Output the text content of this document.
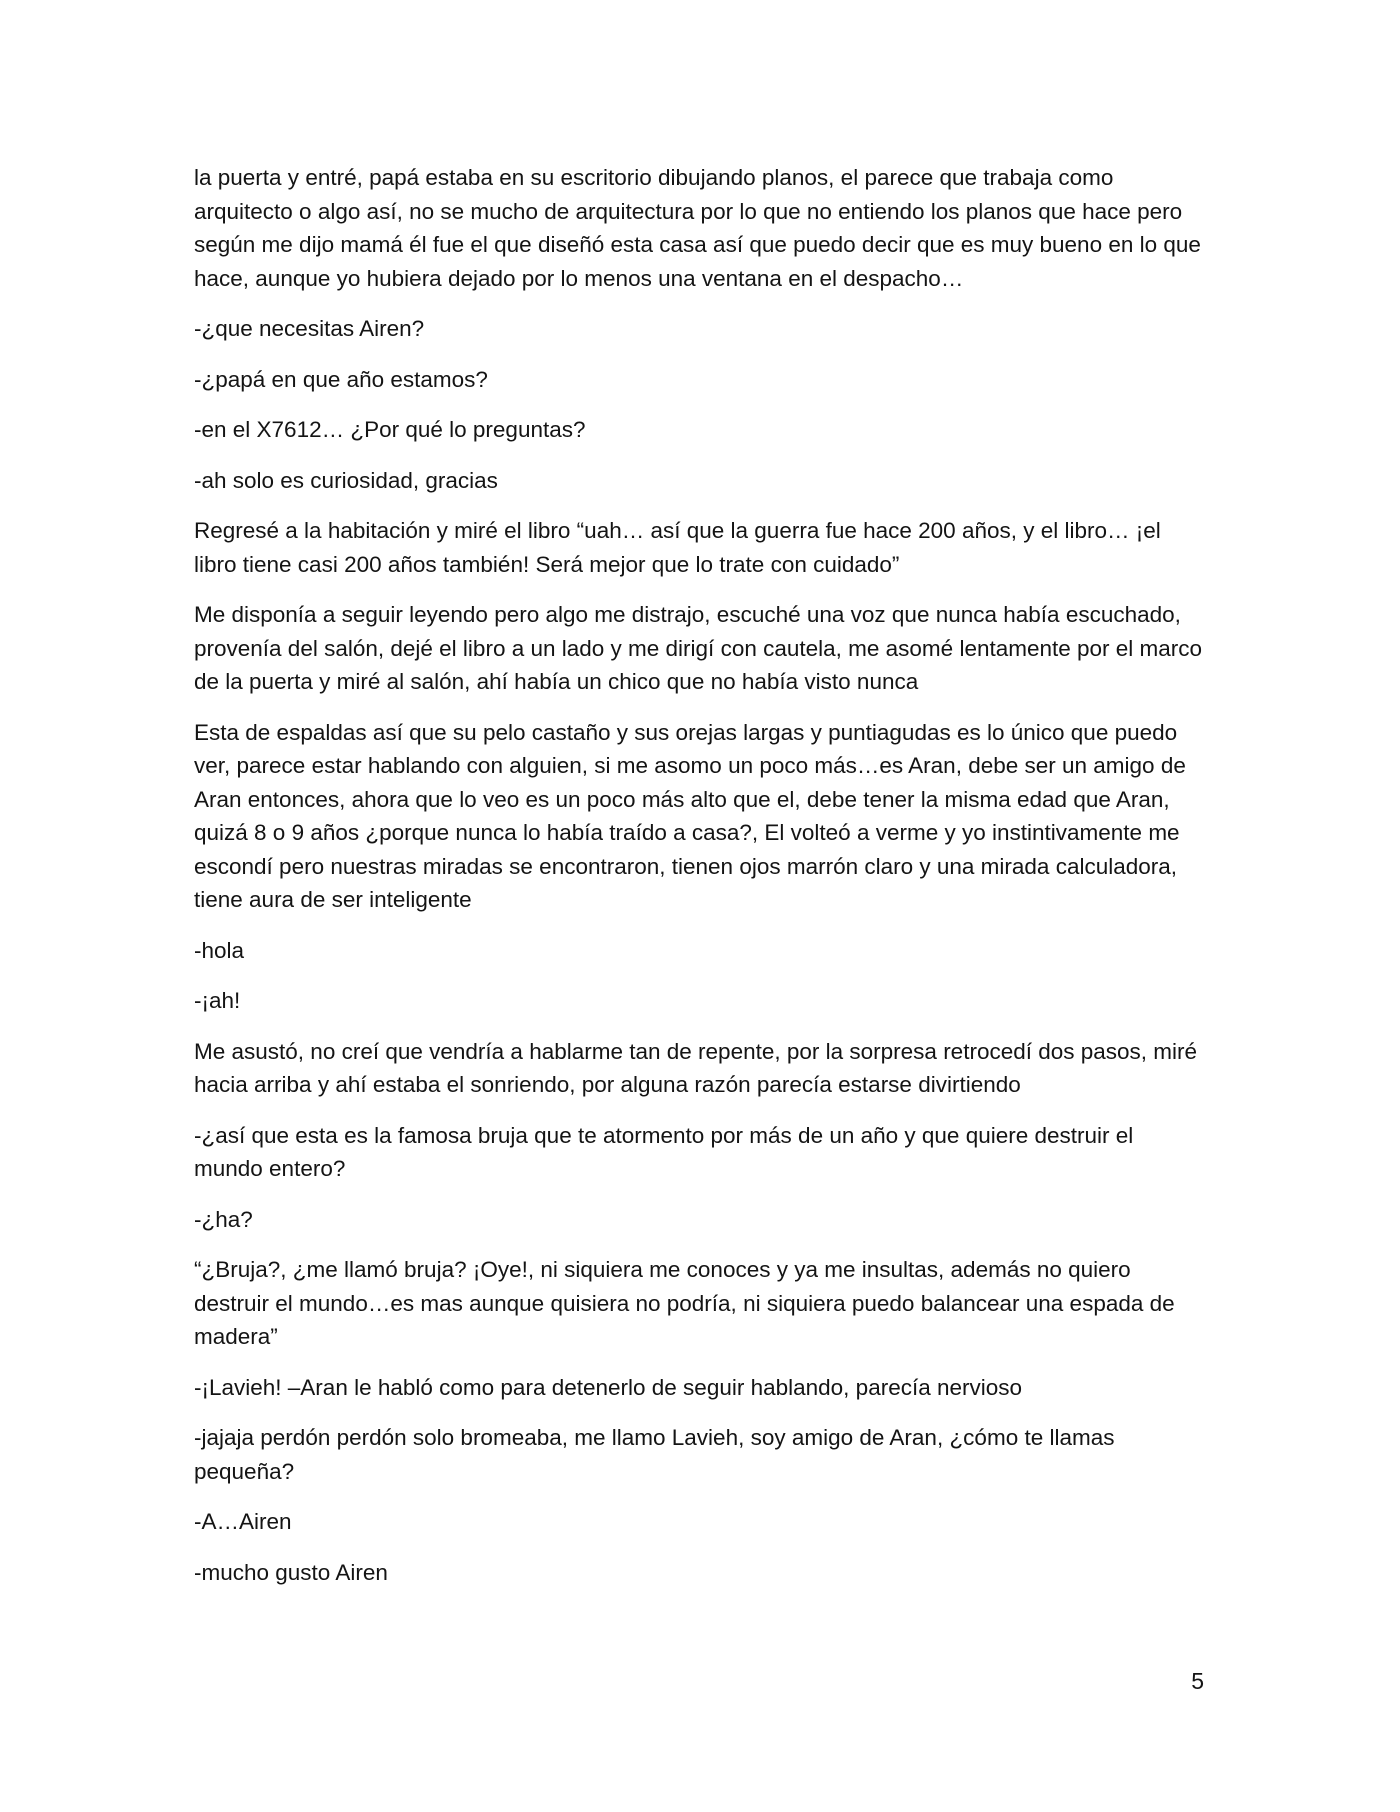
la puerta y entré, papá estaba en su escritorio dibujando planos, el parece que trabaja como arquitecto o algo así, no se mucho de arquitectura por lo que no entiendo los planos que hace pero según me dijo mamá él fue el que diseñó esta casa así que puedo decir que es muy bueno en lo que hace, aunque yo hubiera dejado por lo menos una ventana en el despacho…

-¿que necesitas Airen?

-¿papá en que año estamos?

-en el X7612… ¿Por qué lo preguntas?

-ah solo es curiosidad, gracias

Regresé a la habitación y miré el libro “uah… así que la guerra fue hace 200 años, y el libro… ¡el libro tiene casi 200 años también! Será mejor que lo trate con cuidado”

Me disponía a seguir leyendo pero algo me distrajo, escuché una voz que nunca había escuchado, provenía del salón, dejé el libro a un lado y me dirigí con cautela, me asomé lentamente por el marco de la puerta y miré al salón, ahí había un chico que no había visto nunca

Esta de espaldas así que su pelo castaño y sus orejas largas y puntiagudas es lo único que puedo ver, parece estar hablando con alguien, si me asomo un poco más…es Aran, debe ser un amigo de Aran entonces, ahora que lo veo es un poco más alto que el, debe tener la misma edad que Aran, quizá 8 o 9 años ¿porque nunca lo había traído a casa?, El volteó a verme y yo instintivamente me escondí pero nuestras miradas se encontraron, tienen ojos marrón claro y una mirada calculadora, tiene aura de ser inteligente

-hola

-¡ah!

Me asustó, no creí que vendría a hablarme tan de repente, por la sorpresa retrocedí dos pasos, miré hacia arriba y ahí estaba el sonriendo, por alguna razón parecía estarse divirtiendo

-¿así que esta es la famosa bruja que te atormento por más de un año y que quiere destruir el mundo entero?

-¿ha?

“¿Bruja?, ¿me llamó bruja? ¡Oye!, ni siquiera me conoces y ya me insultas, además no quiero destruir el mundo…es mas aunque quisiera no podría, ni siquiera puedo balancear una espada de madera”

-¡Lavieh! –Aran le habló como para detenerlo de seguir hablando, parecía nervioso

-jajaja perdón perdón solo bromeaba, me llamo Lavieh, soy amigo de Aran, ¿cómo te llamas pequeña?

-A…Airen

-mucho gusto Airen

5
